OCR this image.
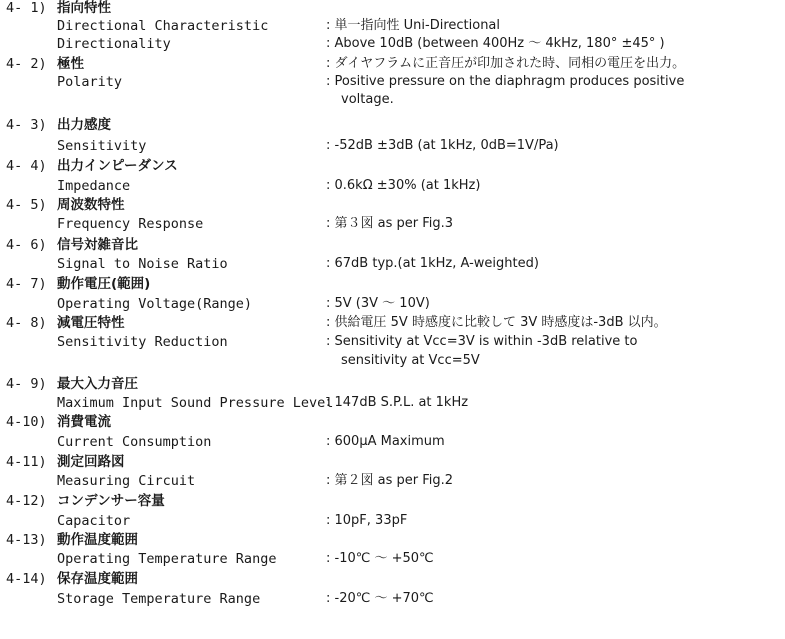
4- 1) 指向特性
Directional Characteristic	: 単一指向性 Uni-Directional
Directionality	: Above 10dB (between 400Hz ～ 4kHz, 180° ±45° )
4- 2) 極性	: ダイヤフラムに正音圧が印加された時、同相の電圧を出力。
Polarity	: Positive pressure on the diaphragm produces positive
voltage.
4- 3) 出力感度
Sensitivity	: -52dB ±3dB (at 1kHz, 0dB=1V/Pa)
4- 4) 出力インピーダンス
Impedance	: 0.6kΩ ±30% (at 1kHz)
4- 5) 周波数特性
Frequency Response	: 第３図 as per Fig.3
4- 6) 信号対雑音比
Signal to Noise Ratio	: 67dB typ.(at 1kHz, A-weighted)
4- 7) 動作電圧(範囲)
Operating Voltage(Range)	: 5V (3V ～ 10V)
4- 8) 減電圧特性	: 供給電圧 5V 時感度に比較して 3V 時感度は-3dB 以内。
Sensitivity Reduction	: Sensitivity at Vcc=3V is within -3dB relative to
sensitivity at Vcc=5V
4- 9) 最大入力音圧
Maximum Input Sound Pressure Level
: 147dB S.P.L. at 1kHz
4-10) 消費電流
Current Consumption	: 600μA Maximum
4-11) 測定回路図
Measuring Circuit	: 第２図 as per Fig.2
4-12) コンデンサー容量
Capacitor	: 10pF, 33pF
4-13) 動作温度範囲
Operating Temperature Range	: -10℃ ～ +50℃
4-14) 保存温度範囲
Storage Temperature Range	: -20℃ ～ +70℃
